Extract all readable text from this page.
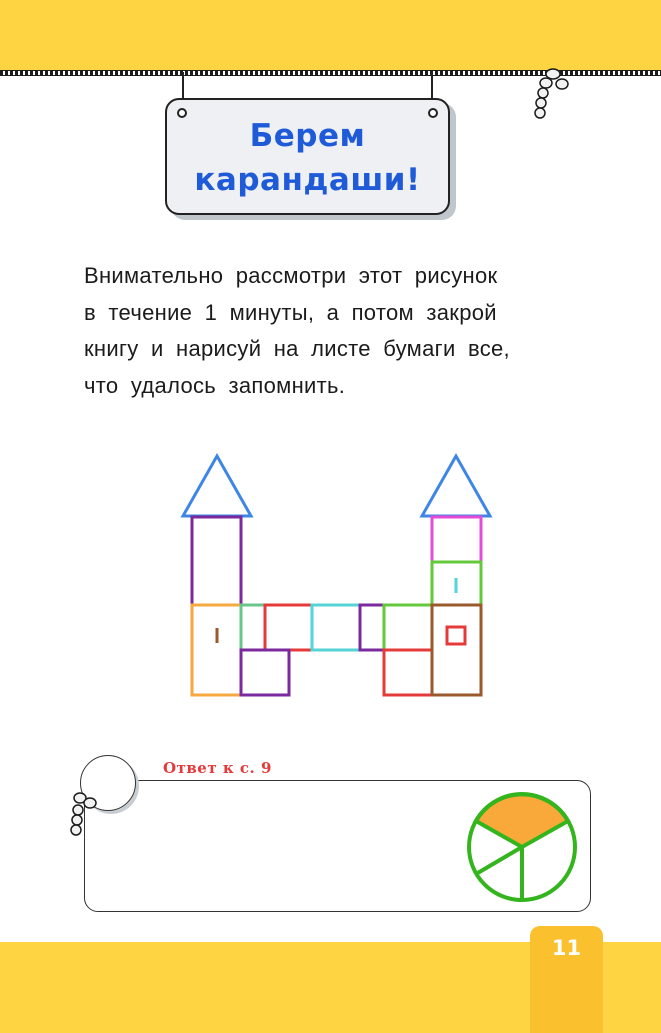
Берем
карандаши!
Внимательно рассмотри этот рисунок
в течение 1 минуты, а потом закрой
книгу и нарисуй на листе бумаги все,
что удалось запомнить.
Ответ к с. 9
11
